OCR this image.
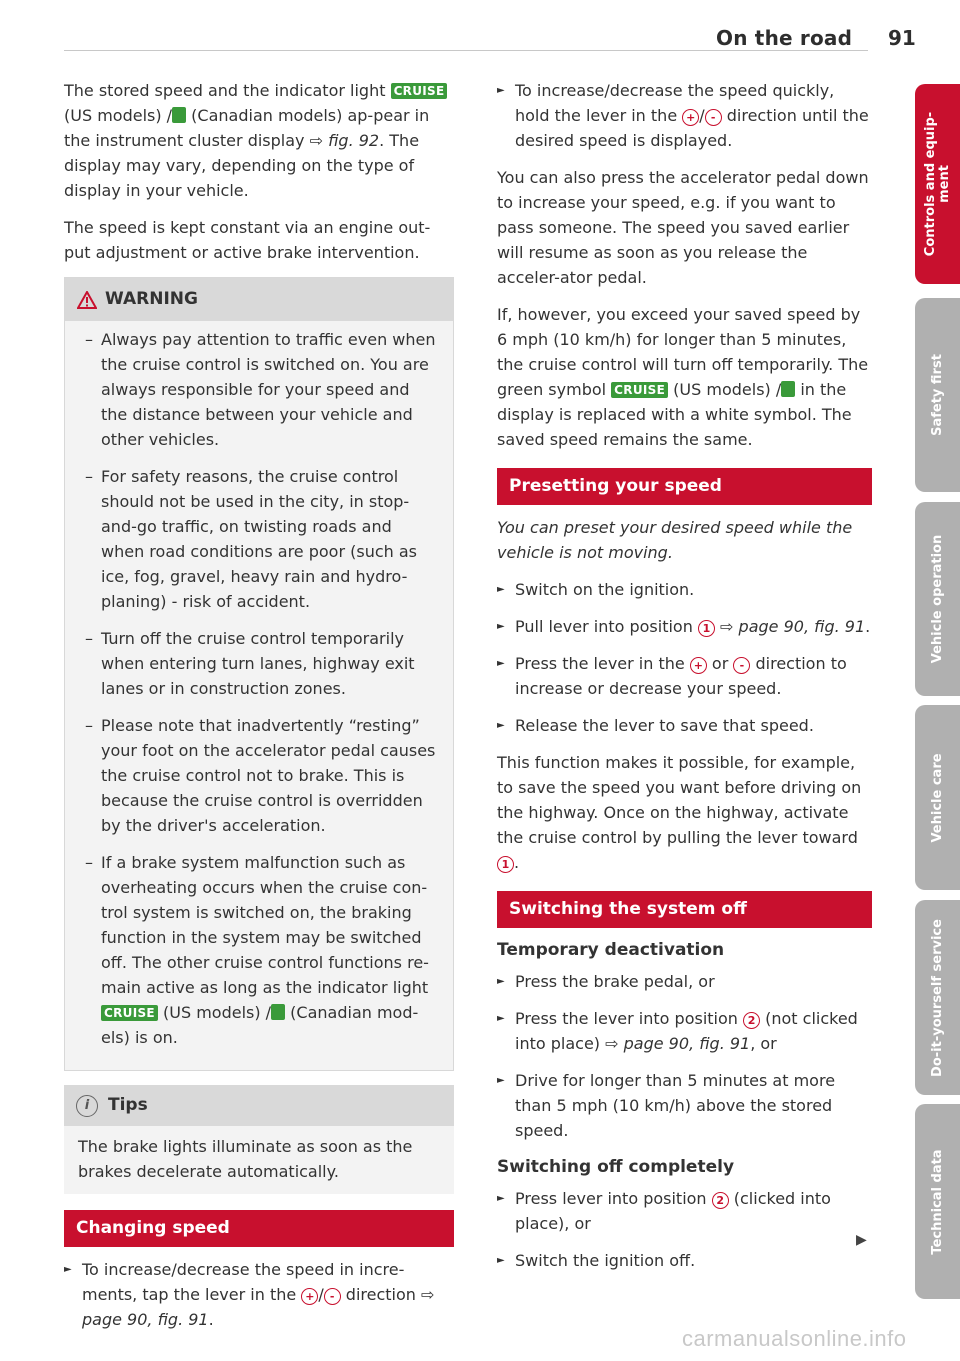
On the road 91

The stored speed and the indicator light CRUISE (US models) / (Canadian models) ap-pear in the instrument cluster display ⇨ fig. 92. The display may vary, depending on the type of display in your vehicle.

The speed is kept constant via an engine out-put adjustment or active brake intervention.

WARNING

– Always pay attention to traffic even when the cruise control is switched on. You are always responsible for your speed and the distance between your vehicle and other vehicles.

– For safety reasons, the cruise control should not be used in the city, in stop-and-go traffic, on twisting roads and when road conditions are poor (such as ice, fog, gravel, heavy rain and hydro-planing) - risk of accident.

– Turn off the cruise control temporarily when entering turn lanes, highway exit lanes or in construction zones.

– Please note that inadvertently “resting” your foot on the accelerator pedal causes the cruise control not to brake. This is because the cruise control is overridden by the driver's acceleration.

– If a brake system malfunction such as overheating occurs when the cruise con-trol system is switched on, the braking function in the system may be switched off. The other cruise control functions re-main active as long as the indicator light CRUISE (US models) / (Canadian mod-els) is on.

i	Tips
The brake lights illuminate as soon as the brakes decelerate automatically.
Changing speed

► To increase/decrease the speed in incre-ments, tap the lever in the + / - direction ⇨ page 90, fig. 91.

► To increase/decrease the speed quickly, hold the lever in the + / - direction until the desired speed is displayed.

You can also press the accelerator pedal down to increase your speed, e.g. if you want to pass someone. The speed you saved earlier will resume as soon as you release the acceler-ator pedal.

If, however, you exceed your saved speed by 6 mph (10 km/h) for longer than 5 minutes, the cruise control will turn off temporarily. The green symbol CRUISE (US models) / in the display is replaced with a white symbol. The saved speed remains the same.

Presetting your speed

You can preset your desired speed while the vehicle is not moving.

► Switch on the ignition.

► Pull lever into position 1 ⇨ page 90, fig. 91.

► Press the lever in the + or - direction to increase or decrease your speed.

► Release the lever to save that speed.

This function makes it possible, for example, to save the speed you want before driving on the highway. Once on the highway, activate the cruise control by pulling the lever toward 1 .

Switching the system off
Temporary deactivation

► Press the brake pedal, or

► Press the lever into position 2 (not clicked into place) ⇨ page 90, fig. 91, or

► Drive for longer than 5 minutes at more than 5 mph (10 km/h) above the stored speed.

Switching off completely

► Press lever into position 2 (clicked into place), or

► Switch the ignition off.

▶
Controls and equip-ment
Safety first
Vehicle operation
Vehicle care
Do-it-yourself service
Technical data
carmanualsonline.info
